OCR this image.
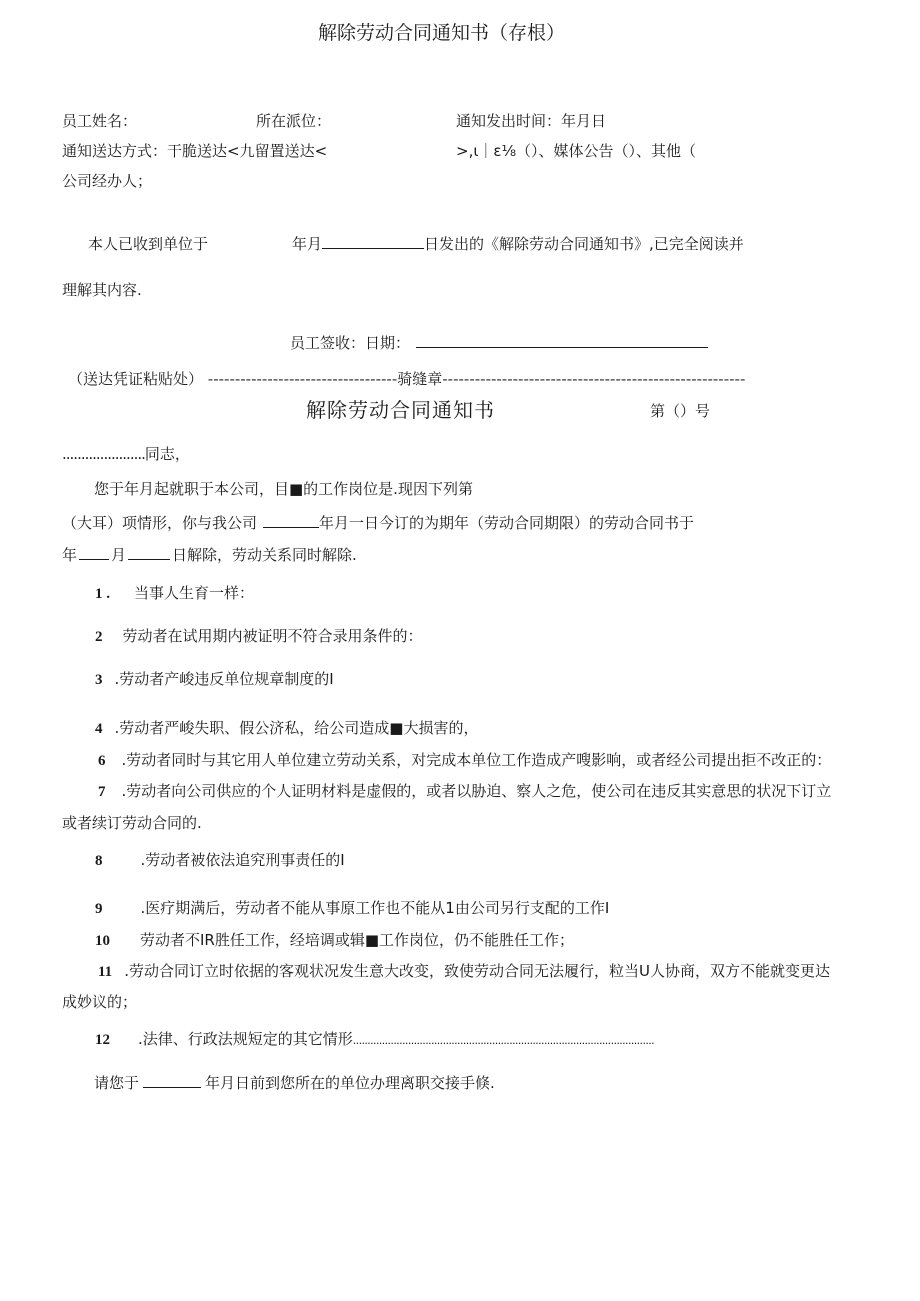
解除劳动合同通知书（存根）
员工姓名：	所在派位：	通知发出时间：年月日
通知送达方式：干脆送达<九留置送达<	>,ι｜ε⅛（）、媒体公告（）、其他（
公司经办人；
本人已收到单位于	年月	日发出的《解除劳动合同通知书》,已完全阅读并
理解其内容.
员工签收：日期：
（送达凭证粘贴处） -----------------------------------骑缝章--------------------------------------------------------
解除劳动合同通知书	第（）号
......................同志，
您于年月起就职于本公司，目■的工作岗位是.现因下列第
（大耳）项情形，你与我公司	年月一日今订的为期年（劳动合同期限）的劳动合同书于
年 月	日解除，劳动关系同时解除.
1 . 当事人生育一样：
2 劳动者在试用期内被证明不符合录用条件的：
3 .劳动者产峻违反单位规章制度的I
4 .劳动者严峻失职、假公济私，给公司造成■大损害的，
6 .劳动者同时与其它用人单位建立劳动关系，对完成本单位工作造成产嗖影响，或者经公司提出拒不改正的：
7 .劳动者向公司供应的个人证明材料是虚假的，或者以胁迫、察人之危，使公司在违反其实意思的状况下订立
或者续订劳动合同的.
8	.劳动者被依法追究刑事责任的I
9	.医疗期满后，劳动者不能从事原工作也不能从1由公司另行支配的工作I
10 劳动者不IR胜任工作，经培调或辑■工作岗位，仍不能胜任工作；
11 .劳动合同订立时依据的客观状况发生意大改变，致使劳动合同无法履行，粒当U人协商，双方不能就变更达
成妙议的；
12 .法律、行政法规短定的其它情形........................................................................................................
请您于	年月日前到您所在的单位办理离职交接手倏.
